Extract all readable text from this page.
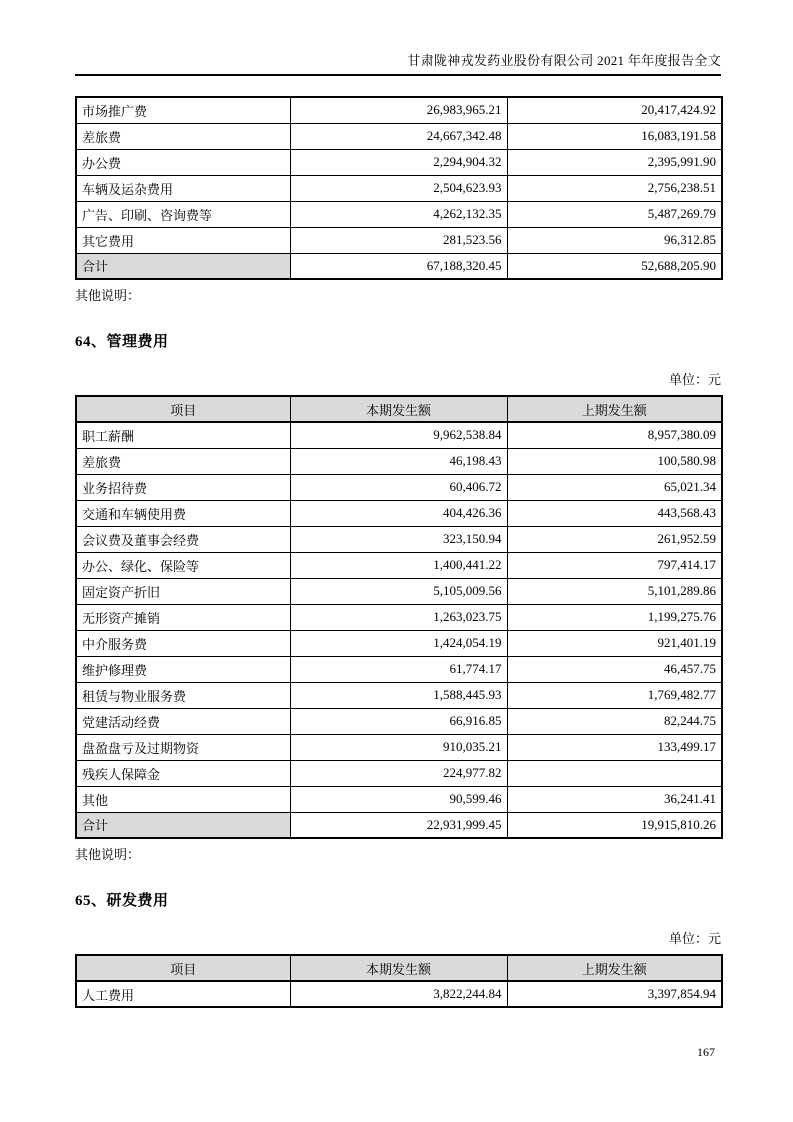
甘肃陇神戎发药业股份有限公司 2021 年年度报告全文
市场推广费	26,983,965.21	20,417,424.92
差旅费	24,667,342.48	16,083,191.58
办公费	2,294,904.32	2,395,991.90
车辆及运杂费用	2,504,623.93	2,756,238.51
广告、印刷、咨询费等	4,262,132.35	5,487,269.79
其它费用	281,523.56	96,312.85
合计	67,188,320.45	52,688,205.90
其他说明：
64、管理费用
单位：元
项目	本期发生额	上期发生额
职工薪酬	9,962,538.84	8,957,380.09
差旅费	46,198.43	100,580.98
业务招待费	60,406.72	65,021.34
交通和车辆使用费	404,426.36	443,568.43
会议费及董事会经费	323,150.94	261,952.59
办公、绿化、保险等	1,400,441.22	797,414.17
固定资产折旧	5,105,009.56	5,101,289.86
无形资产摊销	1,263,023.75	1,199,275.76
中介服务费	1,424,054.19	921,401.19
维护修理费	61,774.17	46,457.75
租赁与物业服务费	1,588,445.93	1,769,482.77
党建活动经费	66,916.85	82,244.75
盘盈盘亏及过期物资	910,035.21	133,499.17
残疾人保障金	224,977.82	
其他	90,599.46	36,241.41
合计	22,931,999.45	19,915,810.26
其他说明：
65、研发费用
单位：元
项目	本期发生额	上期发生额
人工费用	3,822,244.84	3,397,854.94
167
